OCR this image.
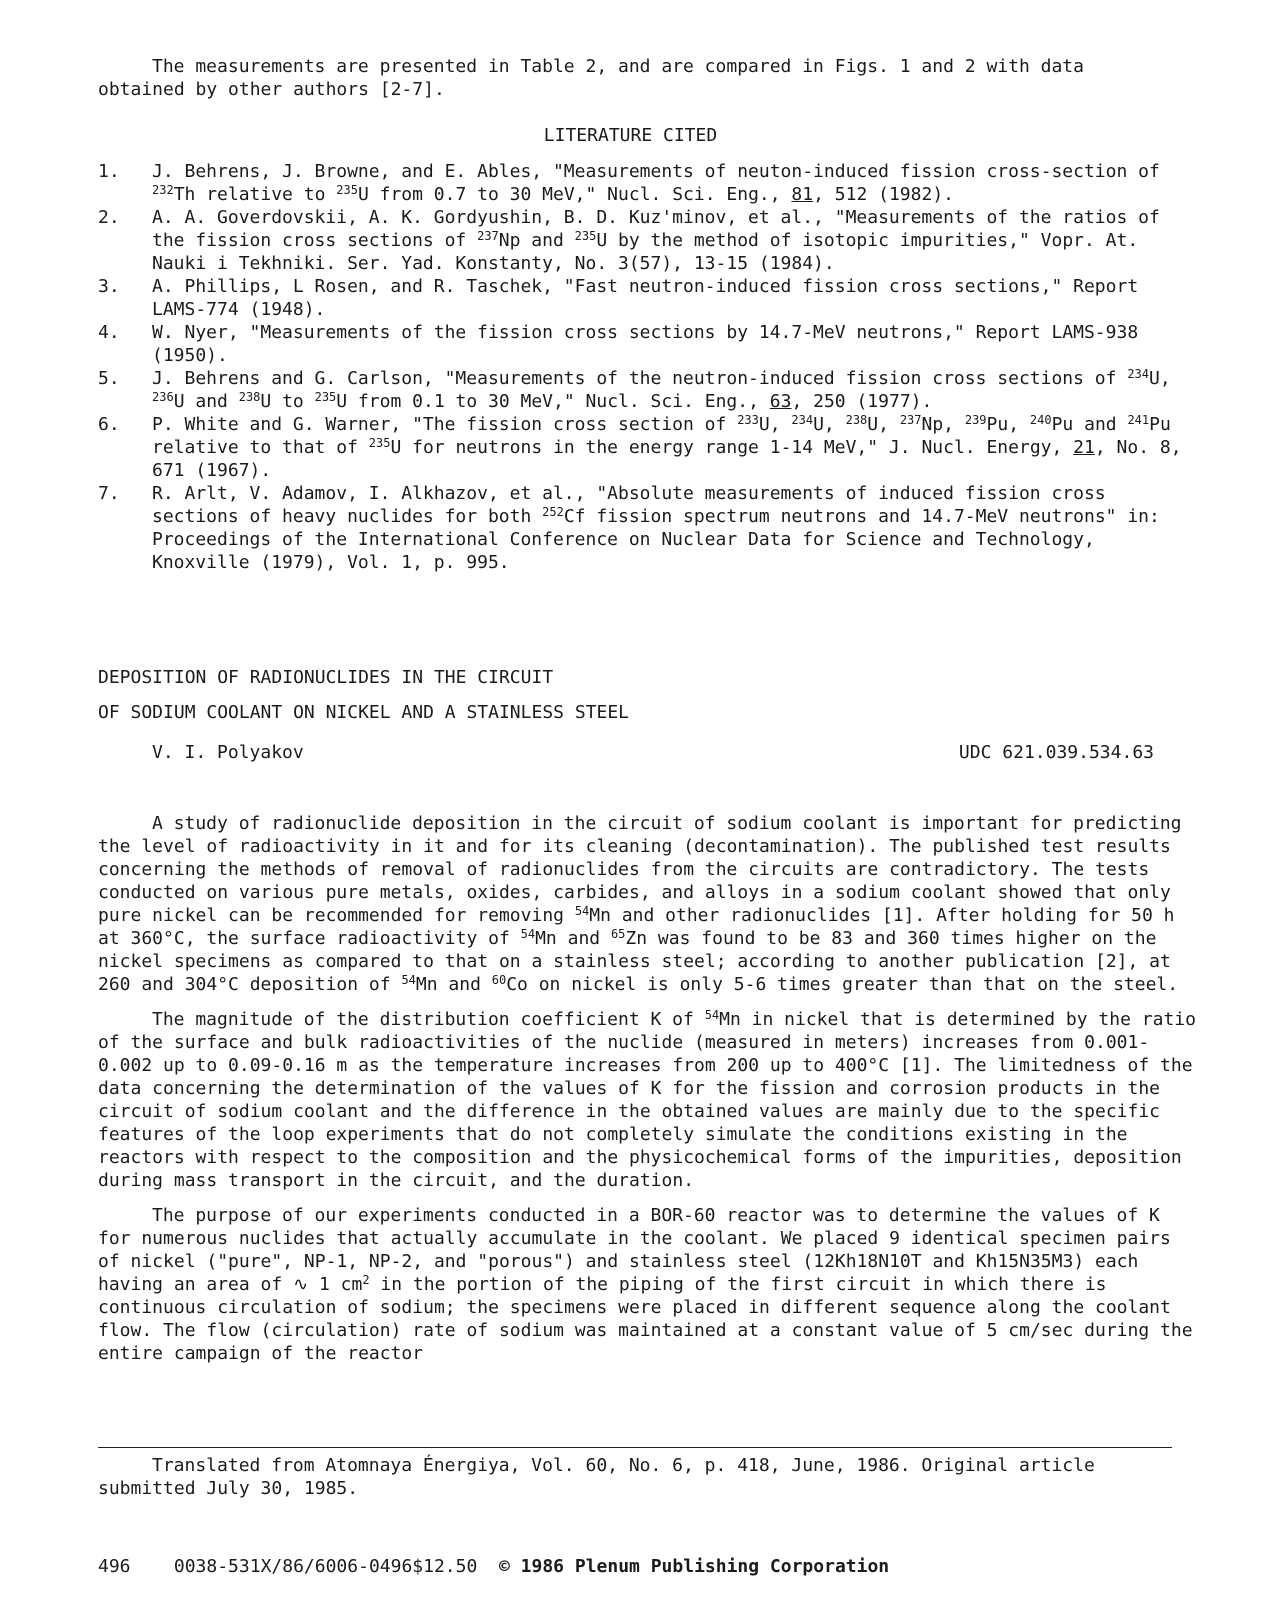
The measurements are presented in Table 2, and are compared in Figs. 1 and 2 with data obtained by other authors [2-7].

LITERATURE CITED
1. J. Behrens, J. Browne, and E. Ables, "Measurements of neuton-induced fission cross-section of $^{232}$Th relative to $^{235}$U from 0.7 to 30 MeV," Nucl. Sci. Eng., 81, 512 (1982).
2. A. A. Goverdovskii, A. K. Gordyushin, B. D. Kuz'minov, et al., "Measurements of the ratios of the fission cross sections of $^{237}$Np and $^{235}$U by the method of isotopic impurities," Vopr. At. Nauki i Tekhniki. Ser. Yad. Konstanty, No. 3(57), 13-15 (1984).
3. A. Phillips, L Rosen, and R. Taschek, "Fast neutron-induced fission cross sections," Report LAMS-774 (1948).
4. W. Nyer, "Measurements of the fission cross sections by 14.7-MeV neutrons," Report LAMS-938 (1950).
5. J. Behrens and G. Carlson, "Measurements of the neutron-induced fission cross sections of $^{234}$U, $^{236}$U and $^{238}$U to $^{235}$U from 0.1 to 30 MeV," Nucl. Sci. Eng., 63, 250 (1977).
6. P. White and G. Warner, "The fission cross section of $^{233}$U, $^{234}$U, $^{238}$U, $^{237}$Np, $^{239}$Pu, $^{240}$Pu and $^{241}$Pu relative to that of $^{235}$U for neutrons in the energy range 1-14 MeV," J. Nucl. Energy, 21, No. 8, 671 (1967).
7. R. Arlt, V. Adamov, I. Alkhazov, et al., "Absolute measurements of induced fission cross sections of heavy nuclides for both $^{252}$Cf fission spectrum neutrons and 14.7-MeV neutrons" in: Proceedings of the International Conference on Nuclear Data for Science and Technology, Knoxville (1979), Vol. 1, p. 995.
DEPOSITION OF RADIONUCLIDES IN THE CIRCUIT
OF SODIUM COOLANT ON NICKEL AND A STAINLESS STEEL
V. I. Polyakov	UDC 621.039.534.63

A study of radionuclide deposition in the circuit of sodium coolant is important for predicting the level of radioactivity in it and for its cleaning (decontamination). The published test results concerning the methods of removal of radionuclides from the circuits are contradictory. The tests conducted on various pure metals, oxides, carbides, and alloys in a sodium coolant showed that only pure nickel can be recommended for removing $^{54}$Mn and other radionuclides [1]. After holding for 50 h at 360°C, the surface radioactivity of $^{54}$Mn and $^{65}$Zn was found to be 83 and 360 times higher on the nickel specimens as compared to that on a stainless steel; according to another publication [2], at 260 and 304°C deposition of $^{54}$Mn and $^{60}$Co on nickel is only 5-6 times greater than that on the steel.

The magnitude of the distribution coefficient K of $^{54}$Mn in nickel that is determined by the ratio of the surface and bulk radioactivities of the nuclide (measured in meters) increases from 0.001-0.002 up to 0.09-0.16 m as the temperature increases from 200 up to 400°C [1]. The limitedness of the data concerning the determination of the values of K for the fission and corrosion products in the circuit of sodium coolant and the difference in the obtained values are mainly due to the specific features of the loop experiments that do not completely simulate the conditions existing in the reactors with respect to the composition and the physicochemical forms of the impurities, deposition during mass transport in the circuit, and the duration.

The purpose of our experiments conducted in a BOR-60 reactor was to determine the values of K for numerous nuclides that actually accumulate in the coolant. We placed 9 identical specimen pairs of nickel ("pure", NP-1, NP-2, and "porous") and stainless steel (12Kh18N10T and Kh15N35M3) each having an area of ∿ 1 $cm^2$ in the portion of the piping of the first circuit in which there is continuous circulation of sodium; the specimens were placed in different sequence along the coolant flow. The flow (circulation) rate of sodium was maintained at a constant value of 5 cm/sec during the entire campaign of the reactor

Translated from Atomnaya Énergiya, Vol. 60, No. 6, p. 418, June, 1986. Original article submitted July 30, 1985.

496 0038-531X/86/6006-0496$12.50 © 1986 Plenum Publishing Corporation
